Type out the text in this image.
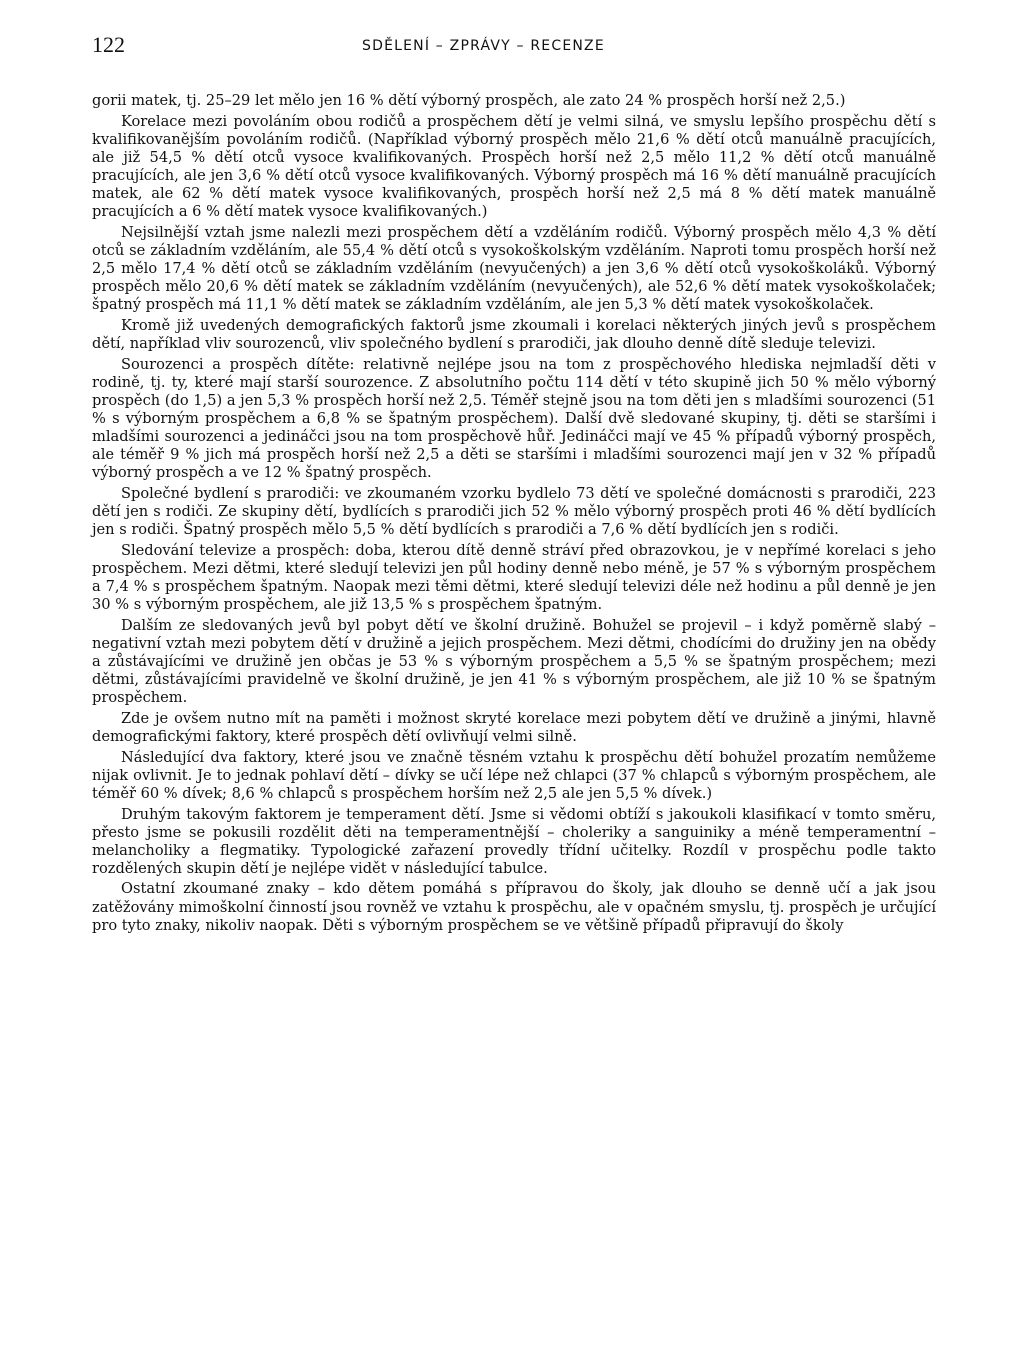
122	SDĚLENÍ – ZPRÁVY – RECENZE

gorii matek, tj. 25–29 let mělo jen 16 % dětí výborný prospěch, ale zato 24 % prospěch horší než 2,5.)

Korelace mezi povoláním obou rodičů a prospěchem dětí je velmi silná, ve smyslu lepšího prospěchu dětí s kvalifikovanějším povoláním rodičů. (Například výborný prospěch mělo 21,6 % dětí otců manuálně pracujících, ale již 54,5 % dětí otců vysoce kvalifikovaných. Prospěch horší než 2,5 mělo 11,2 % dětí otců manuálně pracujících, ale jen 3,6 % dětí otců vysoce kvalifikovaných. Výborný prospěch má 16 % dětí manuálně pracujících matek, ale 62 % dětí matek vysoce kvalifikovaných, prospěch horší než 2,5 má 8 % dětí matek manuálně pracujících a 6 % dětí matek vysoce kvalifikovaných.)

Nejsilnější vztah jsme nalezli mezi prospěchem dětí a vzděláním rodičů. Výborný prospěch mělo 4,3 % dětí otců se základním vzděláním, ale 55,4 % dětí otců s vysokoškolským vzděláním. Naproti tomu prospěch horší než 2,5 mělo 17,4 % dětí otců se základním vzděláním (nevyučených) a jen 3,6 % dětí otců vysokoškoláků. Výborný prospěch mělo 20,6 % dětí matek se základním vzděláním (nevyučených), ale 52,6 % dětí matek vysokoškolaček; špatný prospěch má 11,1 % dětí matek se základním vzděláním, ale jen 5,3 % dětí matek vysokoškolaček.

Kromě již uvedených demografických faktorů jsme zkoumali i korelaci některých jiných jevů s prospěchem dětí, například vliv sourozenců, vliv společného bydlení s prarodiči, jak dlouho denně dítě sleduje televizi.

Sourozenci a prospěch dítěte: relativně nejlépe jsou na tom z prospěchového hlediska nejmladší děti v rodině, tj. ty, které mají starší sourozence. Z absolutního počtu 114 dětí v této skupině jich 50 % mělo výborný prospěch (do 1,5) a jen 5,3 % prospěch horší než 2,5. Téměř stejně jsou na tom děti jen s mladšími sourozenci (51 % s výborným prospěchem a 6,8 % se špatným prospěchem). Další dvě sledované skupiny, tj. děti se staršími i mladšími sourozenci a jedináčci jsou na tom prospěchově hůř. Jedináčci mají ve 45 % případů výborný prospěch, ale téměř 9 % jich má prospěch horší než 2,5 a děti se staršími i mladšími sourozenci mají jen v 32 % případů výborný prospěch a ve 12 % špatný prospěch.

Společné bydlení s prarodiči: ve zkoumaném vzorku bydlelo 73 dětí ve společné domácnosti s prarodiči, 223 dětí jen s rodiči. Ze skupiny dětí, bydlících s prarodiči jich 52 % mělo výborný prospěch proti 46 % dětí bydlících jen s rodiči. Špatný prospěch mělo 5,5 % dětí bydlících s prarodiči a 7,6 % dětí bydlících jen s rodiči.

Sledování televize a prospěch: doba, kterou dítě denně stráví před obrazovkou, je v nepřímé korelaci s jeho prospěchem. Mezi dětmi, které sledují televizi jen půl hodiny denně nebo méně, je 57 % s výborným prospěchem a 7,4 % s prospěchem špatným. Naopak mezi těmi dětmi, které sledují televizi déle než hodinu a půl denně je jen 30 % s výborným prospěchem, ale již 13,5 % s prospěchem špatným.

Dalším ze sledovaných jevů byl pobyt dětí ve školní družině. Bohužel se projevil – i když poměrně slabý – negativní vztah mezi pobytem dětí v družině a jejich prospěchem. Mezi dětmi, chodícími do družiny jen na obědy a zůstávajícími ve družině jen občas je 53 % s výborným prospěchem a 5,5 % se špatným prospěchem; mezi dětmi, zůstávajícími pravidelně ve školní družině, je jen 41 % s výborným prospěchem, ale již 10 % se špatným prospěchem.

Zde je ovšem nutno mít na paměti i možnost skryté korelace mezi pobytem dětí ve družině a jinými, hlavně demografickými faktory, které prospěch dětí ovlivňují velmi silně.

Následující dva faktory, které jsou ve značně těsném vztahu k prospěchu dětí bohužel prozatím nemůžeme nijak ovlivnit. Je to jednak pohlaví dětí – dívky se učí lépe než chlapci (37 % chlapců s výborným prospěchem, ale téměř 60 % dívek; 8,6 % chlapců s prospěchem horším než 2,5 ale jen 5,5 % dívek.)

Druhým takovým faktorem je temperament dětí. Jsme si vědomi obtíží s jakoukoli klasifikací v tomto směru, přesto jsme se pokusili rozdělit děti na temperamentnější – choleriky a sanguiniky a méně temperamentní – melancholiky a flegmatiky. Typologické zařazení provedly třídní učitelky. Rozdíl v prospěchu podle takto rozdělených skupin dětí je nejlépe vidět v následující tabulce.

Ostatní zkoumané znaky – kdo dětem pomáhá s přípravou do školy, jak dlouho se denně učí a jak jsou zatěžovány mimoškolní činností jsou rovněž ve vztahu k prospěchu, ale v opačném smyslu, tj. prospěch je určující pro tyto znaky, nikoliv naopak. Děti s výborným prospěchem se ve většině případů připravují do školy
